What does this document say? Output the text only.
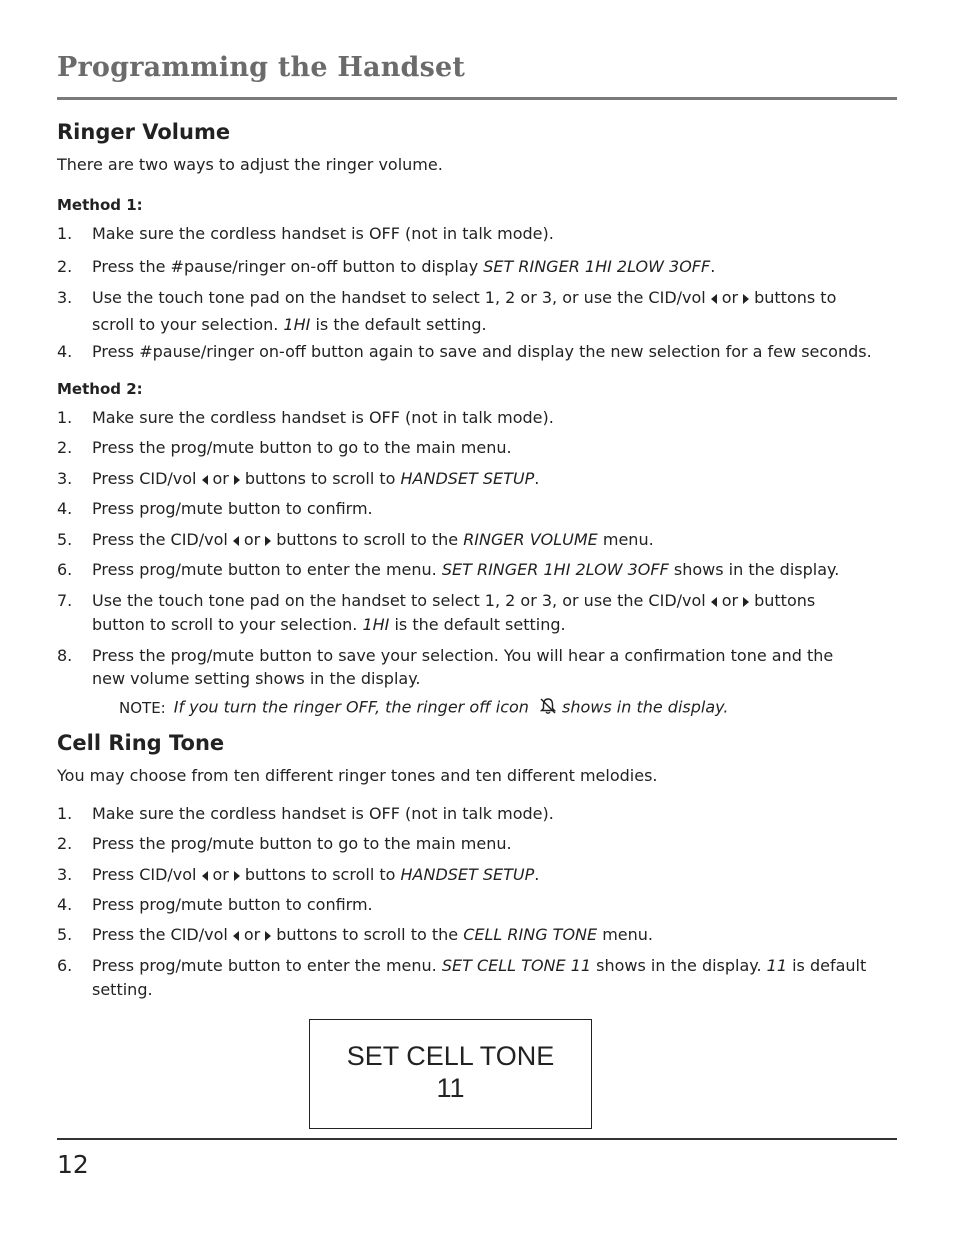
Programming the Handset
Ringer Volume
There are two ways to adjust the ringer volume.
Method 1:
1.	Make sure the cordless handset is OFF (not in talk mode).
2.	Press the #pause/ringer on-off button to display SET RINGER 1HI 2LOW 3OFF.
3.	Use the touch tone pad on the handset to select 1, 2 or 3, or use the CID/vol or buttons to
scroll to your selection. 1HI is the default setting.
4.	Press #pause/ringer on-off button again to save and display the new selection for a few seconds.
Method 2:
1.	Make sure the cordless handset is OFF (not in talk mode).
2.	Press the prog/mute button to go to the main menu.
3.	Press CID/vol or buttons to scroll to HANDSET SETUP.
4.	Press prog/mute button to confirm.
5.	Press the CID/vol or buttons to scroll to the RINGER VOLUME menu.
6.	Press prog/mute button to enter the menu. SET RINGER 1HI 2LOW 3OFF shows in the display.
7.	Use the touch tone pad on the handset to select 1, 2 or 3, or use the CID/vol or buttons
button to scroll to your selection. 1HI is the default setting.
8.	Press the prog/mute button to save your selection. You will hear a confirmation tone and the
new volume setting shows in the display.
NOTE: If you turn the ringer OFF, the ringer off icon shows in the display.
Cell Ring Tone
You may choose from ten different ringer tones and ten different melodies.
1.	Make sure the cordless handset is OFF (not in talk mode).
2.	Press the prog/mute button to go to the main menu.
3.	Press CID/vol or buttons to scroll to HANDSET SETUP.
4.	Press prog/mute button to confirm.
5.	Press the CID/vol or buttons to scroll to the CELL RING TONE menu.
6.	Press prog/mute button to enter the menu. SET CELL TONE 11 shows in the display. 11 is default
setting.
SET CELL TONE
11
12
